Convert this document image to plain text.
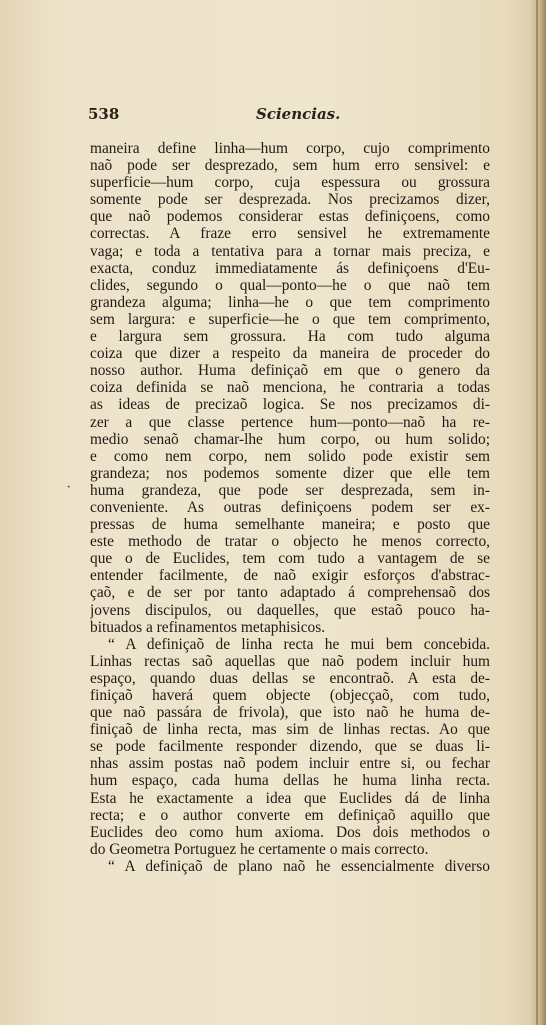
538	Sciencias.
·
maneira define linha—hum corpo, cujo comprimento
naõ pode ser desprezado, sem hum erro sensivel: e
superficie—hum corpo, cuja espessura ou grossura
somente pode ser desprezada. Nos precizamos dizer,
que naõ podemos considerar estas definiçoens, como
correctas. A fraze erro sensivel he extremamente
vaga; e toda a tentativa para a tornar mais preciza, e
exacta, conduz immediatamente ás definiçoens d'Eu-
clides, segundo o qual—ponto—he o que naõ tem
grandeza alguma; linha—he o que tem comprimento
sem largura: e superficie—he o que tem comprimento,
e largura sem grossura. Ha com tudo alguma
coiza que dizer a respeito da maneira de proceder do
nosso author. Huma definiçaõ em que o genero da
coiza definida se naõ menciona, he contraria a todas
as ideas de precizaõ logica. Se nos precizamos di-
zer a que classe pertence hum—ponto—naõ ha re-
medio senaõ chamar-lhe hum corpo, ou hum solido;
e como nem corpo, nem solido pode existir sem
grandeza; nos podemos somente dizer que elle tem
huma grandeza, que pode ser desprezada, sem in-
conveniente. As outras definiçoens podem ser ex-
pressas de huma semelhante maneira; e posto que
este methodo de tratar o objecto he menos correcto,
que o de Euclides, tem com tudo a vantagem de se
entender facilmente, de naõ exigir esforços d'abstrac-
çaõ, e de ser por tanto adaptado á comprehensaõ dos
jovens discipulos, ou daquelles, que estaõ pouco ha-
bituados a refinamentos metaphisicos.
“ A definiçaõ de linha recta he mui bem concebida.
Linhas rectas saõ aquellas que naõ podem incluir hum
espaço, quando duas dellas se encontraõ. A esta de-
finiçaõ haverá quem objecte (objecçaõ, com tudo,
que naõ passára de frivola), que isto naõ he huma de-
finiçaõ de linha recta, mas sim de linhas rectas. Ao que
se pode facilmente responder dizendo, que se duas li-
nhas assim postas naõ podem incluir entre si, ou fechar
hum espaço, cada huma dellas he huma linha recta.
Esta he exactamente a idea que Euclides dá de linha
recta; e o author converte em definiçaõ aquillo que
Euclides deo como hum axioma. Dos dois methodos o
do Geometra Portuguez he certamente o mais correcto.
“ A definiçaõ de plano naõ he essencialmente diverso
